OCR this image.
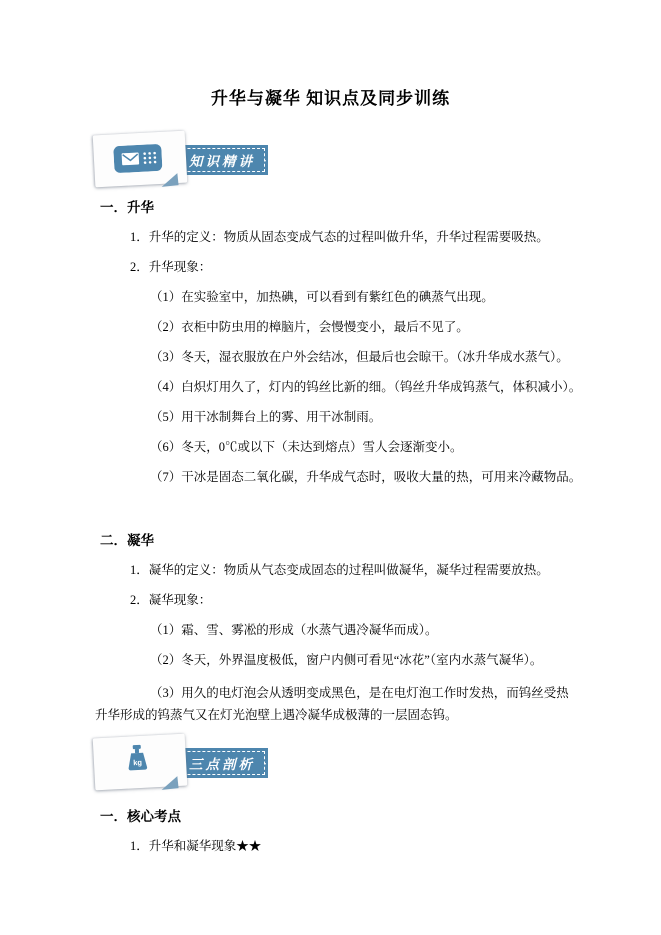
升华与凝华 知识点及同步训练
知识精讲 ·
一．升华
1．升华的定义：物质从固态变成气态的过程叫做升华，升华过程需要吸热。
2．升华现象：
（1）在实验室中，加热碘，可以看到有紫红色的碘蒸气出现。
（2）衣柜中防虫用的樟脑片，会慢慢变小，最后不见了。
（3）冬天，湿衣服放在户外会结冰，但最后也会晾干。（冰升华成水蒸气）。
（4）白炽灯用久了，灯内的钨丝比新的细。（钨丝升华成钨蒸气，体积减小）。
（5）用干冰制舞台上的雾、用干冰制雨。
（6）冬天，0℃或以下（未达到熔点）雪人会逐渐变小。
（7）干冰是固态二氧化碳，升华成气态时，吸收大量的热，可用来冷藏物品。
二．凝华
1．凝华的定义：物质从气态变成固态的过程叫做凝华，凝华过程需要放热。
2．凝华现象：
（1）霜、雪、雾凇的形成（水蒸气遇冷凝华而成）。
（2）冬天，外界温度极低，窗户内侧可看见“冰花”（室内水蒸气凝华）。
（3）用久的电灯泡会从透明变成黑色，是在电灯泡工作时发热，而钨丝受热升华形成的钨蒸气又在灯光泡壁上遇冷凝华成极薄的一层固态钨。
三点剖析 ·
kg
一．核心考点
1．升华和凝华现象★★
